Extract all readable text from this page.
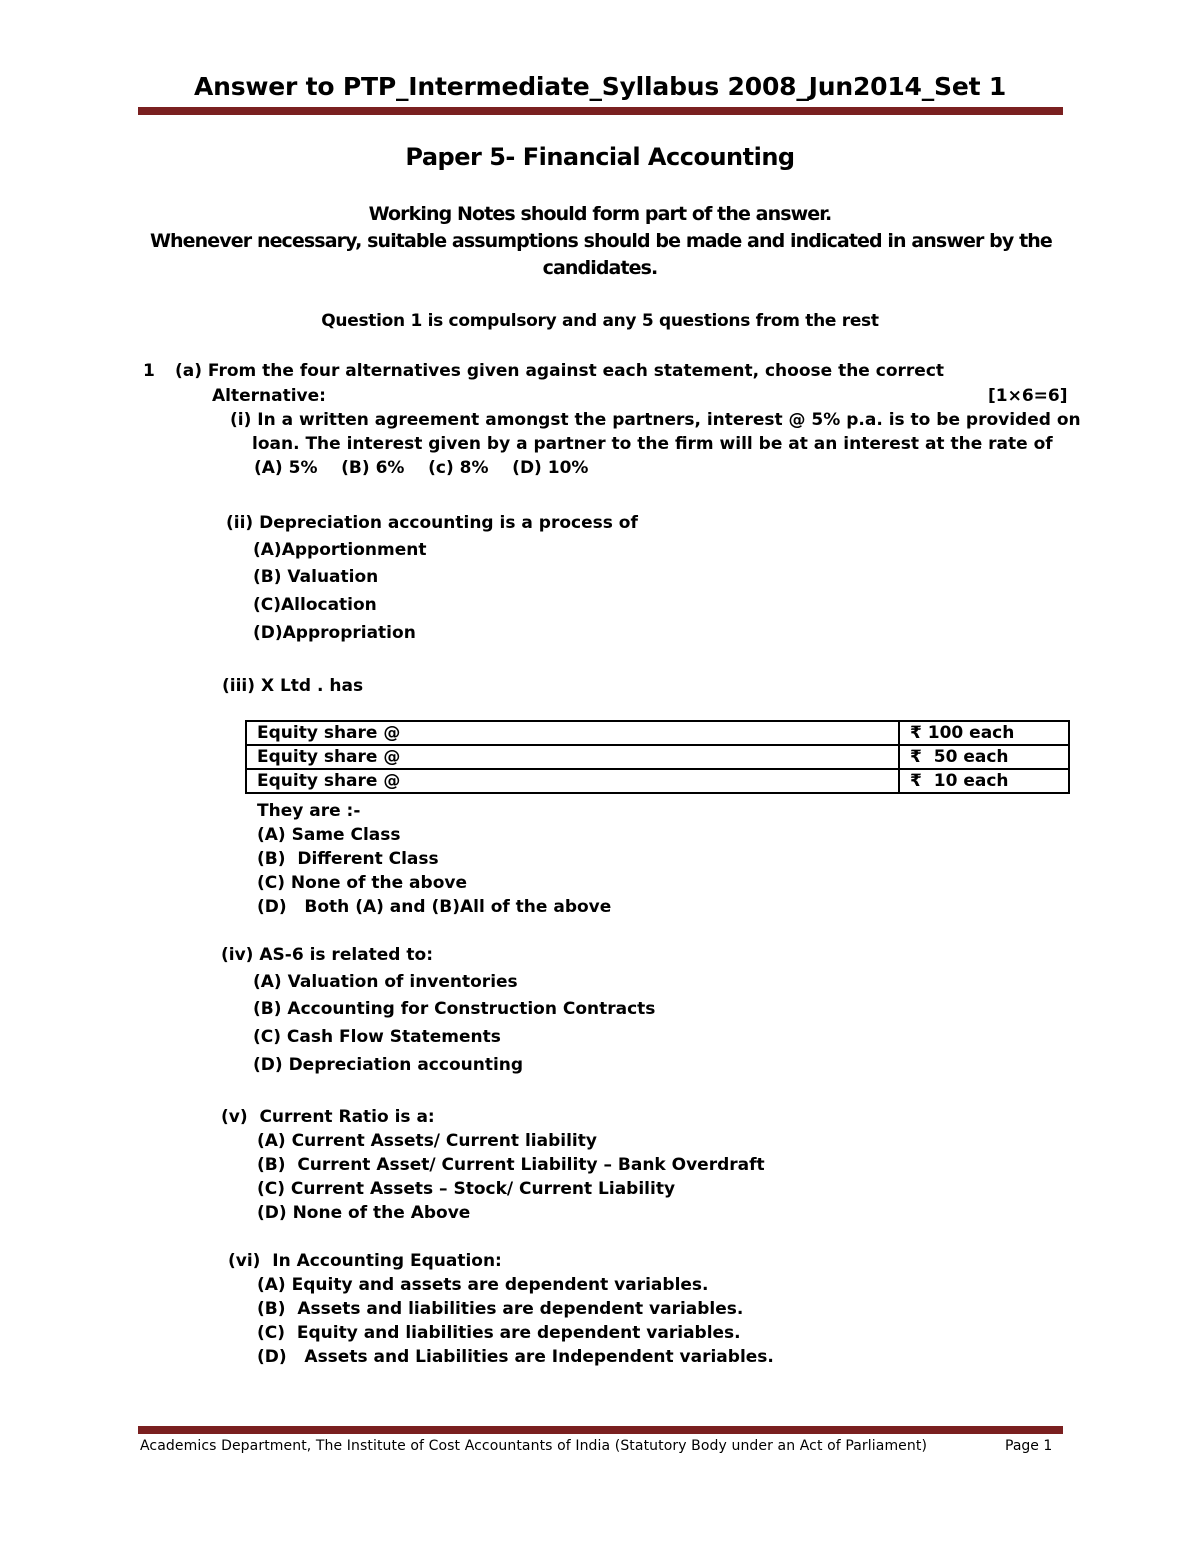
Answer to PTP_Intermediate_Syllabus 2008_Jun2014_Set 1
Paper 5- Financial Accounting
Working Notes should form part of the answer.
Whenever necessary, suitable assumptions should be made and indicated in answer by the
candidates.
Question 1 is compulsory and any 5 questions from the rest
1 (a) From the four alternatives given against each statement, choose the correct
Alternative:	[1×6=6]
(i) In a written agreement amongst the partners, interest @ 5% p.a. is to be provided on
loan. The interest given by a partner to the firm will be at an interest at the rate of
(A) 5%    (B) 6%    (c) 8%    (D) 10%
(ii) Depreciation accounting is a process of
(A)Apportionment
(B) Valuation
(C)Allocation
(D)Appropriation
(iii) X Ltd . has
Equity share @	₹ 100 each
Equity share @	₹ 50 each
Equity share @	₹ 10 each
They are :-
(A) Same Class
(B)  Different Class
(C) None of the above
(D)   Both (A) and (B)All of the above
(iv) AS-6 is related to:
(A) Valuation of inventories
(B) Accounting for Construction Contracts
(C) Cash Flow Statements
(D) Depreciation accounting
(v)  Current Ratio is a:
(A) Current Assets/ Current liability
(B)  Current Asset/ Current Liability – Bank Overdraft
(C) Current Assets – Stock/ Current Liability
(D) None of the Above
(vi)  In Accounting Equation:
(A) Equity and assets are dependent variables.
(B)  Assets and liabilities are dependent variables.
(C)  Equity and liabilities are dependent variables.
(D)   Assets and Liabilities are Independent variables.
Academics Department, The Institute of Cost Accountants of India (Statutory Body under an Act of Parliament)	Page 1
